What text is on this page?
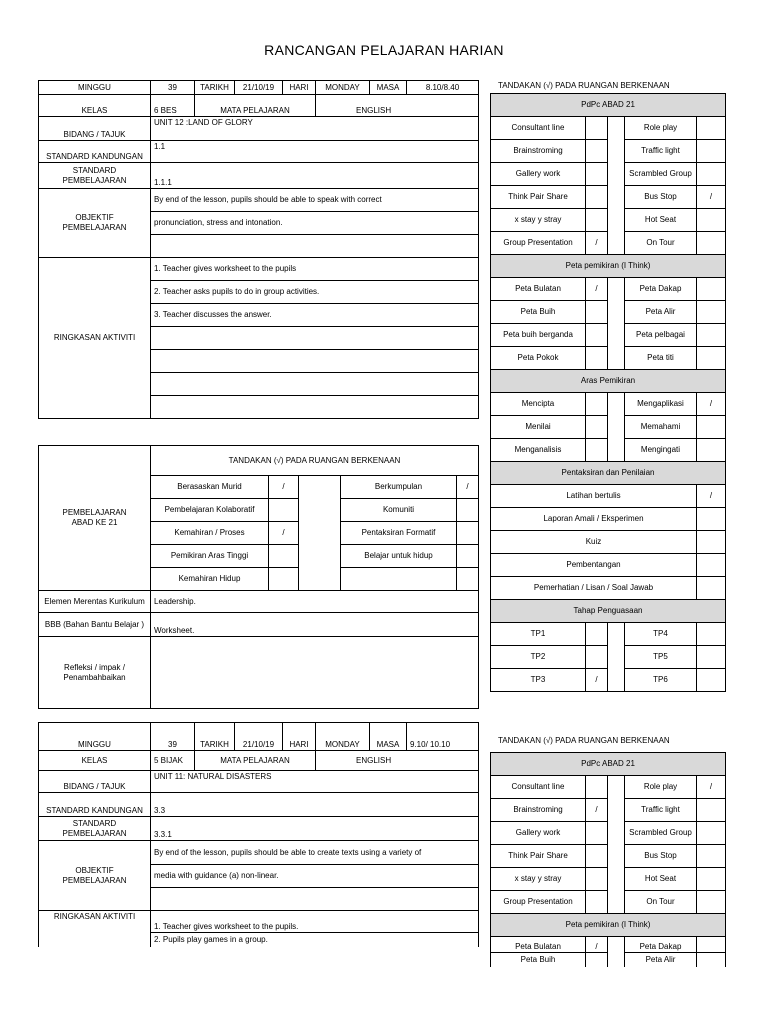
RANCANGAN PELAJARAN HARIAN
MINGGU	39	TARIKH	21/10/19	HARI	MONDAY	MASA	8.10/8.40
KELAS	6 BES	MATA PELAJARAN			ENGLISH		
BIDANG / TAJUK	UNIT 12 :LAND OF GLORY						
STANDARD KANDUNGAN	1.1						
STANDARD PEMBELAJARAN	1.1.1						
OBJEKTIF PEMBELAJARAN	By end of the lesson, pupils should be able to speak with correct						
	pronunciation, stress and intonation.						

RINGKASAN AKTIVITI	1. Teacher gives worksheet to the pupils						
	2. Teacher asks pupils to do in group activities.						
	3. Teacher discusses the answer.						

PEMBELAJARAN ABAD KE 21	TANDAKAN (√) PADA RUANGAN BERKENAAN				
	Berasaskan Murid	/		Berkumpulan	/
	Pembelajaran Kolaboratif			Komuniti	
	Kemahiran / Proses	/		Pentaksiran Formatif	
	Pemikiran Aras Tinggi			Belajar untuk hidup	
	Kemahiran Hidup				
Elemen Merentas Kurikulum	Leadership.				
BBB (Bahan Bantu Belajar )	Worksheet.				
Refleksi / impak / Penambahbaikan					
TANDAKAN (√) PADA RUANGAN BERKENAAN
PdPc ABAD 21				
Consultant line			Role play	
Brainstroming			Traffic light	
Gallery work			Scrambled Group	
Think Pair Share			Bus Stop	/
x stay y stray			Hot Seat	
Group Presentation	/		On Tour	
Peta pemikiran (I Think)				
Peta Bulatan	/		Peta Dakap	
Peta Buih			Peta Alir	
Peta buih berganda			Peta pelbagai	
Peta Pokok			Peta titi	
Aras Pemikiran				
Mencipta			Mengaplikasi	/
Menilai			Memahami	
Menganalisis			Mengingati	
Pentaksiran dan Penilaian				
Latihan bertulis				/
Laporan Amali / Eksperimen				
Kuiz				
Pembentangan				
Pemerhatian / Lisan / Soal Jawab				
Tahap Penguasaan				
TP1			TP4	
TP2			TP5	
TP3	/		TP6	
MINGGU	39	TARIKH	21/10/19	HARI	MONDAY	MASA	9.10/ 10.10
KELAS	5 BIJAK	MATA PELAJARAN			ENGLISH		
BIDANG / TAJUK	UNIT 11: NATURAL DISASTERS						
STANDARD KANDUNGAN	3.3						
STANDARD PEMBELAJARAN	3.3.1						
OBJEKTIF PEMBELAJARAN	By end of the lesson, pupils should be able to create texts using a variety of						
	media with guidance (a) non-linear.						

RINGKASAN AKTIVITI	1. Teacher gives worksheet to the pupils.						
	2. Pupils play games in a group.						
TANDAKAN (√) PADA RUANGAN BERKENAAN
PdPc ABAD 21				
Consultant line			Role play	/
Brainstroming	/		Traffic light	
Gallery work			Scrambled Group	
Think Pair Share			Bus Stop	
x stay y stray			Hot Seat	
Group Presentation			On Tour	
Peta pemikiran (I Think)				
Peta Bulatan	/		Peta Dakap	
Peta Buih			Peta Alir	
